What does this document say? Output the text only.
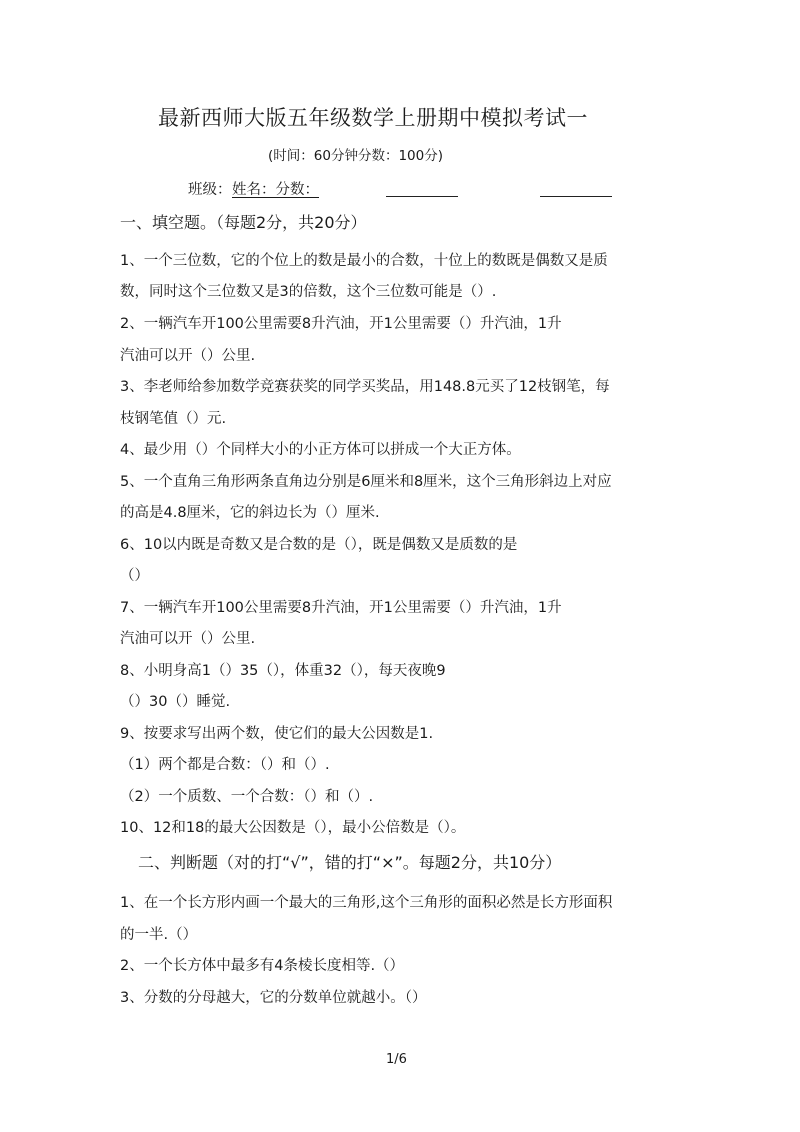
最新西师大版五年级数学上册期中模拟考试一
(时间：60分钟分数：100分)
班级： 姓名：分数：
一、填空题。（每题2分，共20分）
1、一个三位数，它的个位上的数是最小的合数，十位上的数既是偶数又是质
数，同时这个三位数又是3的倍数，这个三位数可能是（）.
2、一辆汽车开100公里需要8升汽油，开1公里需要（）升汽油，1升
汽油可以开（）公里.
3、李老师给参加数学竞赛获奖的同学买奖品，用148.8元买了12枝钢笔，每
枝钢笔值（）元.
4、最少用（）个同样大小的小正方体可以拼成一个大正方体。
5、一个直角三角形两条直角边分别是6厘米和8厘米，这个三角形斜边上对应
的高是4.8厘米，它的斜边长为（）厘米.
6、10以内既是奇数又是合数的是（），既是偶数又是质数的是
（）
7、一辆汽车开100公里需要8升汽油，开1公里需要（）升汽油，1升
汽油可以开（）公里.
8、小明身高1（）35（），体重32（），每天夜晚9
（）30（）睡觉.
9、按要求写出两个数，使它们的最大公因数是1.
（1）两个都是合数：（）和（）.
（2）一个质数、一个合数：（）和（）.
10、12和18的最大公因数是（），最小公倍数是（）。
二、判断题（对的打“√”，错的打“×”。每题2分，共10分）
1、在一个长方形内画一个最大的三角形,这个三角形的面积必然是长方形面积
的一半.（）
2、一个长方体中最多有4条棱长度相等.（）
3、分数的分母越大，它的分数单位就越小。（）
1/6
